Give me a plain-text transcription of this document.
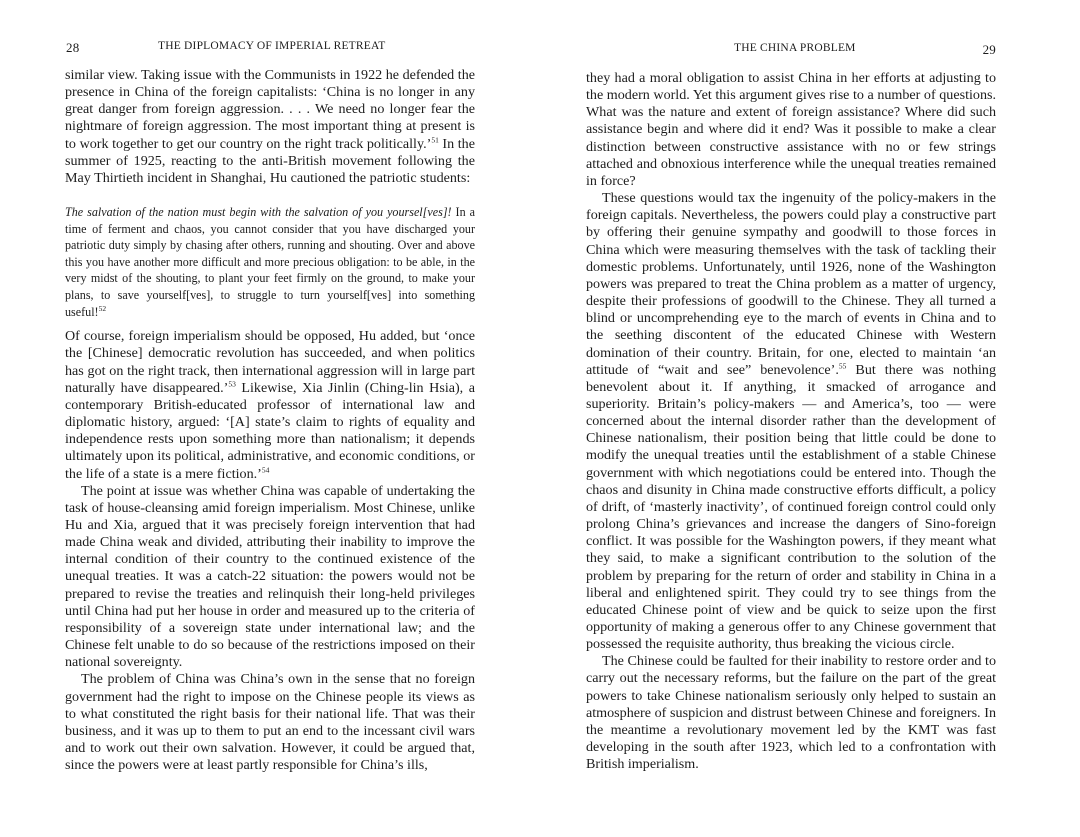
28	THE DIPLOMACY OF IMPERIAL RETREAT

similar view. Taking issue with the Communists in 1922 he defended the presence in China of the foreign capitalists: ‘China is no longer in any great danger from foreign aggression. . . . We need no longer fear the nightmare of foreign aggression. The most important thing at present is to work together to get our country on the right track politically.’$^{51}$ In the summer of 1925, reacting to the anti-British movement following the May Thirtieth incident in Shanghai, Hu cautioned the patriotic students:

The salvation of the nation must begin with the salvation of you yoursel[ves]! In a time of ferment and chaos, you cannot consider that you have discharged your patriotic duty simply by chasing after others, running and shouting. Over and above this you have another more difficult and more precious obligation: to be able, in the very midst of the shouting, to plant your feet firmly on the ground, to make your plans, to save yourself[ves], to struggle to turn yourself[ves] into something useful!$^{52}$

Of course, foreign imperialism should be opposed, Hu added, but ‘once the [Chinese] democratic revolution has succeeded, and when politics has got on the right track, then international aggression will in large part naturally have disappeared.’$^{53}$ Likewise, Xia Jinlin (Ching-lin Hsia), a contemporary British-educated professor of international law and diplomatic history, argued: ‘[A] state’s claim to rights of equality and independence rests upon something more than nationalism; it depends ultimately upon its political, administrative, and economic conditions, or the life of a state is a mere fiction.’$^{54}$

The point at issue was whether China was capable of undertaking the task of house-cleansing amid foreign imperialism. Most Chinese, unlike Hu and Xia, argued that it was precisely foreign intervention that had made China weak and divided, attributing their inability to improve the internal condition of their country to the continued existence of the unequal treaties. It was a catch-22 situation: the powers would not be prepared to revise the treaties and relinquish their long-held privileges until China had put her house in order and measured up to the criteria of responsibility of a sovereign state under international law; and the Chinese felt unable to do so because of the restrictions imposed on their national sovereignty.

The problem of China was China’s own in the sense that no foreign government had the right to impose on the Chinese people its views as to what constituted the right basis for their national life. That was their business, and it was up to them to put an end to the incessant civil wars and to work out their own salvation. However, it could be argued that, since the powers were at least partly responsible for China’s ills,

THE CHINA PROBLEM	29

they had a moral obligation to assist China in her efforts at adjusting to the modern world. Yet this argument gives rise to a number of questions. What was the nature and extent of foreign assistance? Where did such assistance begin and where did it end? Was it possible to make a clear distinction between constructive assistance with no or few strings attached and obnoxious interference while the unequal treaties remained in force?

These questions would tax the ingenuity of the policy-makers in the foreign capitals. Nevertheless, the powers could play a constructive part by offering their genuine sympathy and goodwill to those forces in China which were measuring themselves with the task of tackling their domestic problems. Unfortunately, until 1926, none of the Washington powers was prepared to treat the China problem as a matter of urgency, despite their professions of goodwill to the Chinese. They all turned a blind or uncomprehending eye to the march of events in China and to the seething discontent of the educated Chinese with Western domination of their country. Britain, for one, elected to maintain ‘an attitude of “wait and see” benevolence’.$^{55}$ But there was nothing benevolent about it. If anything, it smacked of arrogance and superiority. Britain’s policy-makers — and America’s, too — were concerned about the internal disorder rather than the development of Chinese nationalism, their position being that little could be done to modify the unequal treaties until the establishment of a stable Chinese government with which negotiations could be entered into. Though the chaos and disunity in China made constructive efforts difficult, a policy of drift, of ‘masterly inactivity’, of continued foreign control could only prolong China’s grievances and increase the dangers of Sino-foreign conflict. It was possible for the Washington powers, if they meant what they said, to make a significant contribution to the solution of the problem by preparing for the return of order and stability in China in a liberal and enlightened spirit. They could try to see things from the educated Chinese point of view and be quick to seize upon the first opportunity of making a generous offer to any Chinese government that possessed the requisite authority, thus breaking the vicious circle.

The Chinese could be faulted for their inability to restore order and to carry out the necessary reforms, but the failure on the part of the great powers to take Chinese nationalism seriously only helped to sustain an atmosphere of suspicion and distrust between Chinese and foreigners. In the meantime a revolutionary movement led by the KMT was fast developing in the south after 1923, which led to a confrontation with British imperialism.
